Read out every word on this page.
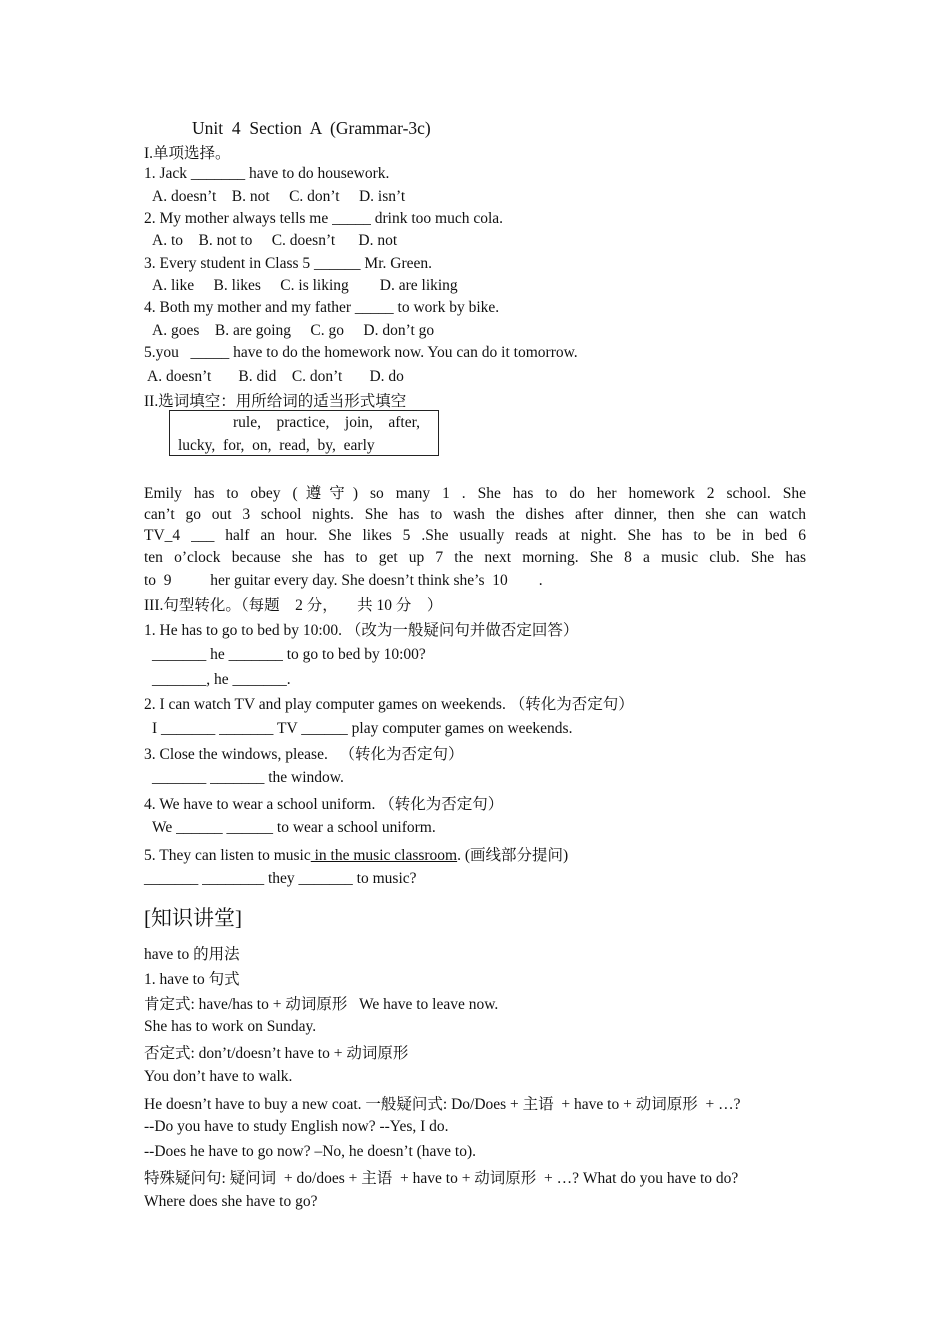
Unit  4  Section  A  (Grammar-3c)
I.单项选择。
1. Jack _______ have to do housework.
A. doesn’t    B. not     C. don’t     D. isn’t
2. My mother always tells me _____ drink too much cola.
A. to    B. not to     C. doesn’t      D. not
3. Every student in Class 5 ______ Mr. Green.
A. like     B. likes     C. is liking        D. are liking
4. Both my mother and my father _____ to work by bike.
A. goes    B. are going     C. go     D. don’t go
5.you   _____ have to do the homework now. You can do it tomorrow.
A. doesn’t       B. did    C. don’t       D. do
II.选词填空：用所给词的适当形式填空
rule,    practice,    join,    after,
lucky,  for,  on,  read,  by,  early
Emily has to obey (遵守) so many 1 . She has to do her homework 2 school. She
can’t go out 3 school nights. She has to wash the dishes after dinner, then she can watch
TV_4 ___ half an hour. She likes 5 .She usually reads at night. She has to be in bed 6
ten o’clock because she has to get up 7 the next morning. She 8 a music club. She has
to  9          her guitar every day. She doesn’t think she’s  10        .
III.句型转化。（每题    2 分，     共 10 分    ）
1. He has to go to bed by 10:00. （改为一般疑问句并做否定回答）
_______ he _______ to go to bed by 10:00?
_______, he _______.
2. I can watch TV and play computer games on weekends. （转化为否定句）
I _______ _______ TV ______ play computer games on weekends.
3. Close the windows, please.   （转化为否定句）
_______ _______ the window.
4. We have to wear a school uniform. （转化为否定句）
We ______ ______ to wear a school uniform.
5. They can listen to music in the music classroom. (画线部分提问)
_______ ________ they _______ to music?
[知识讲堂]
have to 的用法
1. have to 句式
肯定式: have/has to + 动词原形   We have to leave now.
She has to work on Sunday.
否定式: don’t/doesn’t have to + 动词原形
You don’t have to walk.
He doesn’t have to buy a new coat. 一般疑问式: Do/Does + 主语  + have to + 动词原形  + …?
--Do you have to study English now? --Yes, I do.
--Does he have to go now? –No, he doesn’t (have to).
特殊疑问句: 疑问词  + do/does + 主语  + have to + 动词原形  + …? What do you have to do?
Where does she have to go?
